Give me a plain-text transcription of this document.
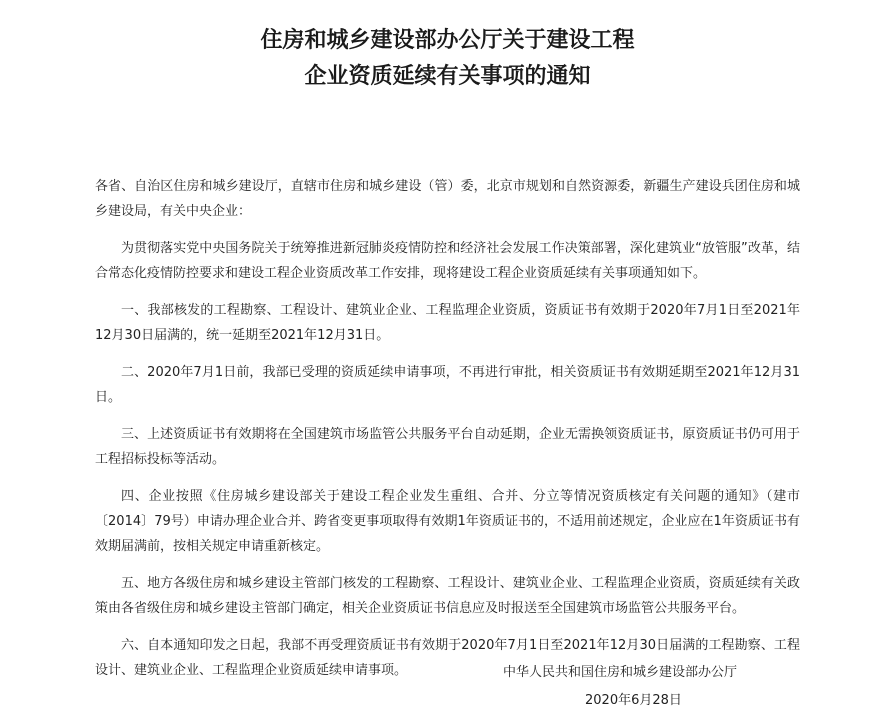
住房和城乡建设部办公厅关于建设工程
企业资质延续有关事项的通知

各省、自治区住房和城乡建设厅，直辖市住房和城乡建设（管）委，北京市规划和自然资源委，新疆生产建设兵团住房和城乡建设局，有关中央企业：

为贯彻落实党中央国务院关于统筹推进新冠肺炎疫情防控和经济社会发展工作决策部署，深化建筑业“放管服”改革，结合常态化疫情防控要求和建设工程企业资质改革工作安排，现将建设工程企业资质延续有关事项通知如下。

一、我部核发的工程勘察、工程设计、建筑业企业、工程监理企业资质，资质证书有效期于2020年7月1日至2021年12月30日届满的，统一延期至2021年12月31日。

二、2020年7月1日前，我部已受理的资质延续申请事项，不再进行审批，相关资质证书有效期延期至2021年12月31日。

三、上述资质证书有效期将在全国建筑市场监管公共服务平台自动延期，企业无需换领资质证书，原资质证书仍可用于工程招标投标等活动。

四、企业按照《住房城乡建设部关于建设工程企业发生重组、合并、分立等情况资质核定有关问题的通知》（建市〔2014〕79号）申请办理企业合并、跨省变更事项取得有效期1年资质证书的，不适用前述规定，企业应在1年资质证书有效期届满前，按相关规定申请重新核定。

五、地方各级住房和城乡建设主管部门核发的工程勘察、工程设计、建筑业企业、工程监理企业资质，资质延续有关政策由各省级住房和城乡建设主管部门确定，相关企业资质证书信息应及时报送至全国建筑市场监管公共服务平台。

六、自本通知印发之日起，我部不再受理资质证书有效期于2020年7月1日至2021年12月30日届满的工程勘察、工程设计、建筑业企业、工程监理企业资质延续申请事项。	中华人民共和国住房和城乡建设部办公厅
2020年6月28日
